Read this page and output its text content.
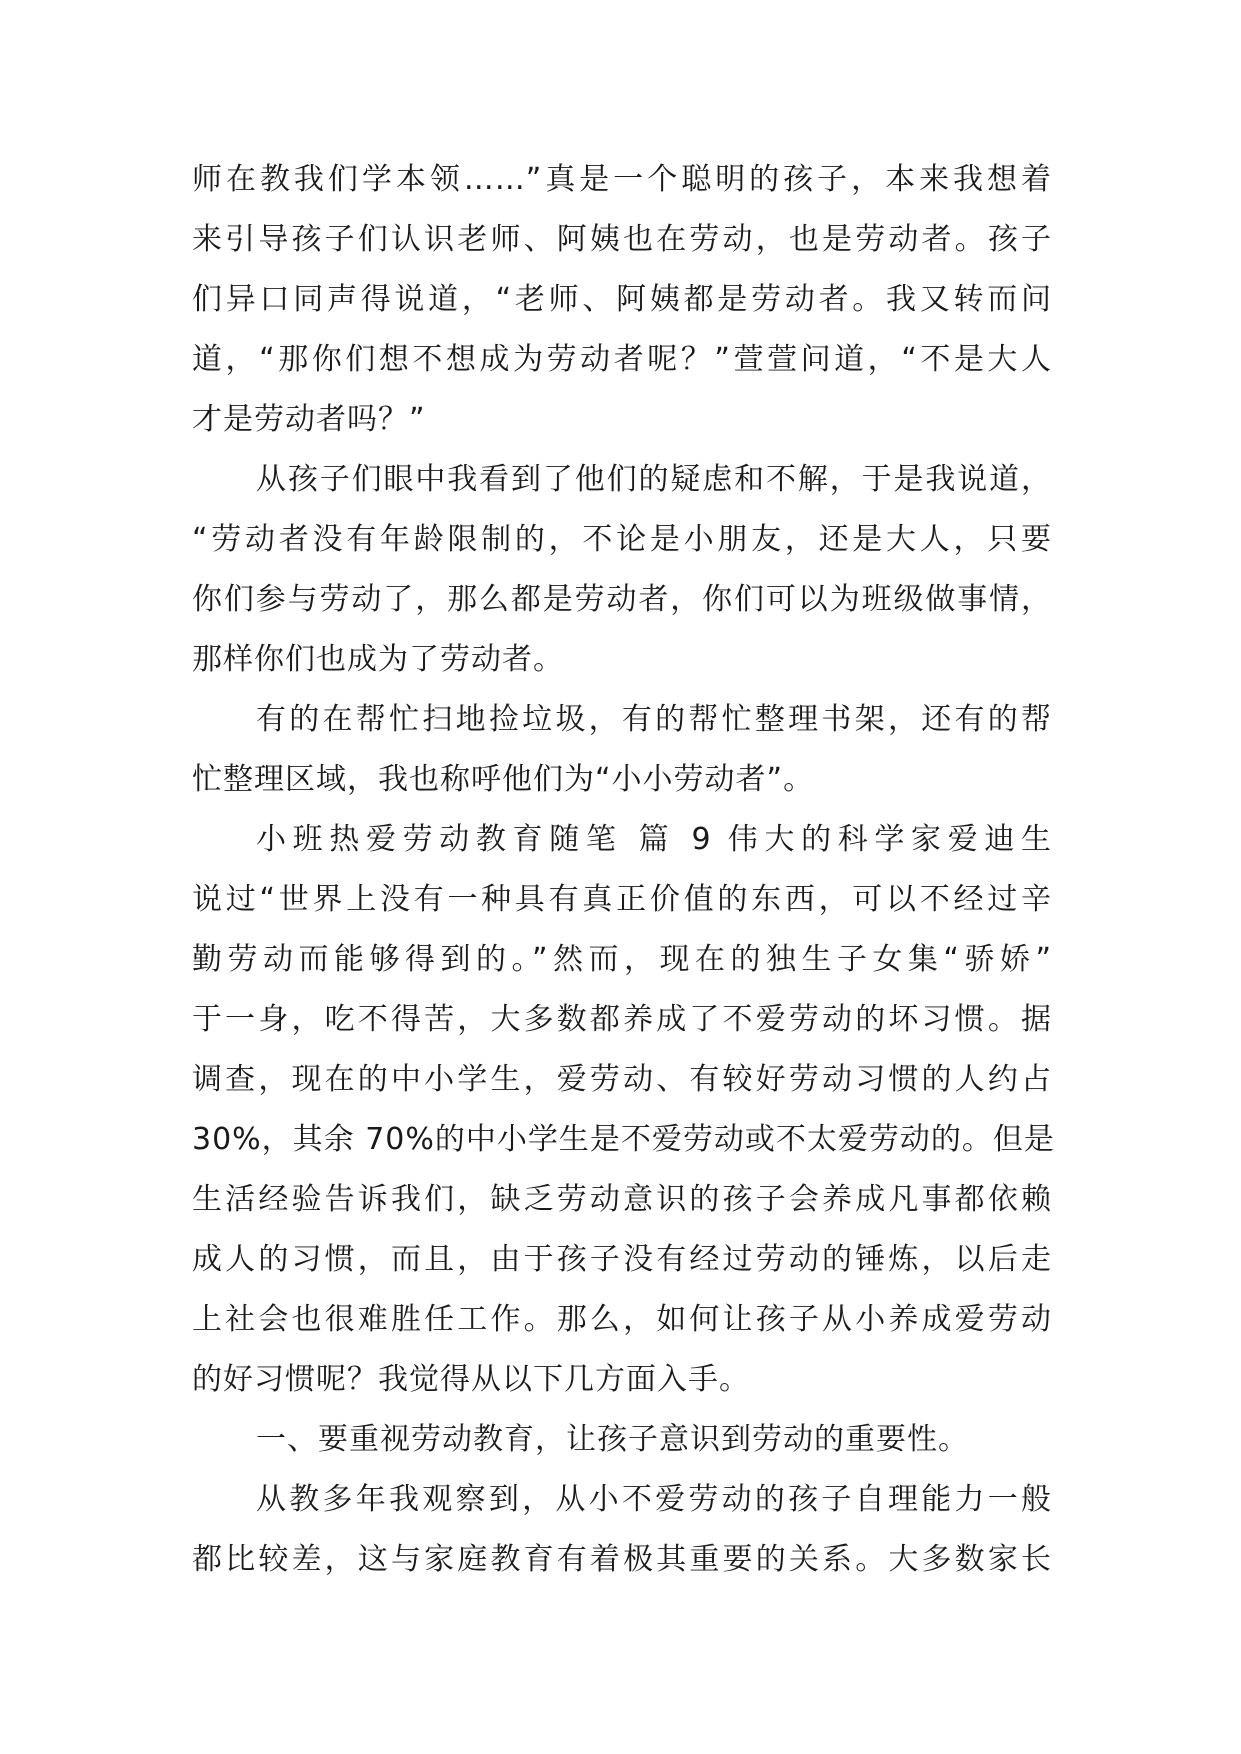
师在教我们学本领……”真是一个聪明的孩子，本来我想着
来引导孩子们认识老师、阿姨也在劳动，也是劳动者。孩子
们异口同声得说道，“老师、阿姨都是劳动者。我又转而问
道，“那你们想不想成为劳动者呢？”萱萱问道，“不是大人
才是劳动者吗？”
从孩子们眼中我看到了他们的疑虑和不解，于是我说道，
“劳动者没有年龄限制的，不论是小朋友，还是大人，只要
你们参与劳动了，那么都是劳动者，你们可以为班级做事情，
那样你们也成为了劳动者。
有的在帮忙扫地捡垃圾，有的帮忙整理书架，还有的帮
忙整理区域，我也称呼他们为“小小劳动者”。
小班热爱劳动教育随笔 篇 9 伟大的科学家爱迪生
说过“世界上没有一种具有真正价值的东西，可以不经过辛
勤劳动而能够得到的。”然而，现在的独生子女集“骄娇”
于一身，吃不得苦，大多数都养成了不爱劳动的坏习惯。据
调查，现在的中小学生，爱劳动、有较好劳动习惯的人约占
30%，其余 70%的中小学生是不爱劳动或不太爱劳动的。但是
生活经验告诉我们，缺乏劳动意识的孩子会养成凡事都依赖
成人的习惯，而且，由于孩子没有经过劳动的锤炼，以后走
上社会也很难胜任工作。那么，如何让孩子从小养成爱劳动
的好习惯呢？我觉得从以下几方面入手。
一、要重视劳动教育，让孩子意识到劳动的重要性。
从教多年我观察到，从小不爱劳动的孩子自理能力一般
都比较差，这与家庭教育有着极其重要的关系。大多数家长
